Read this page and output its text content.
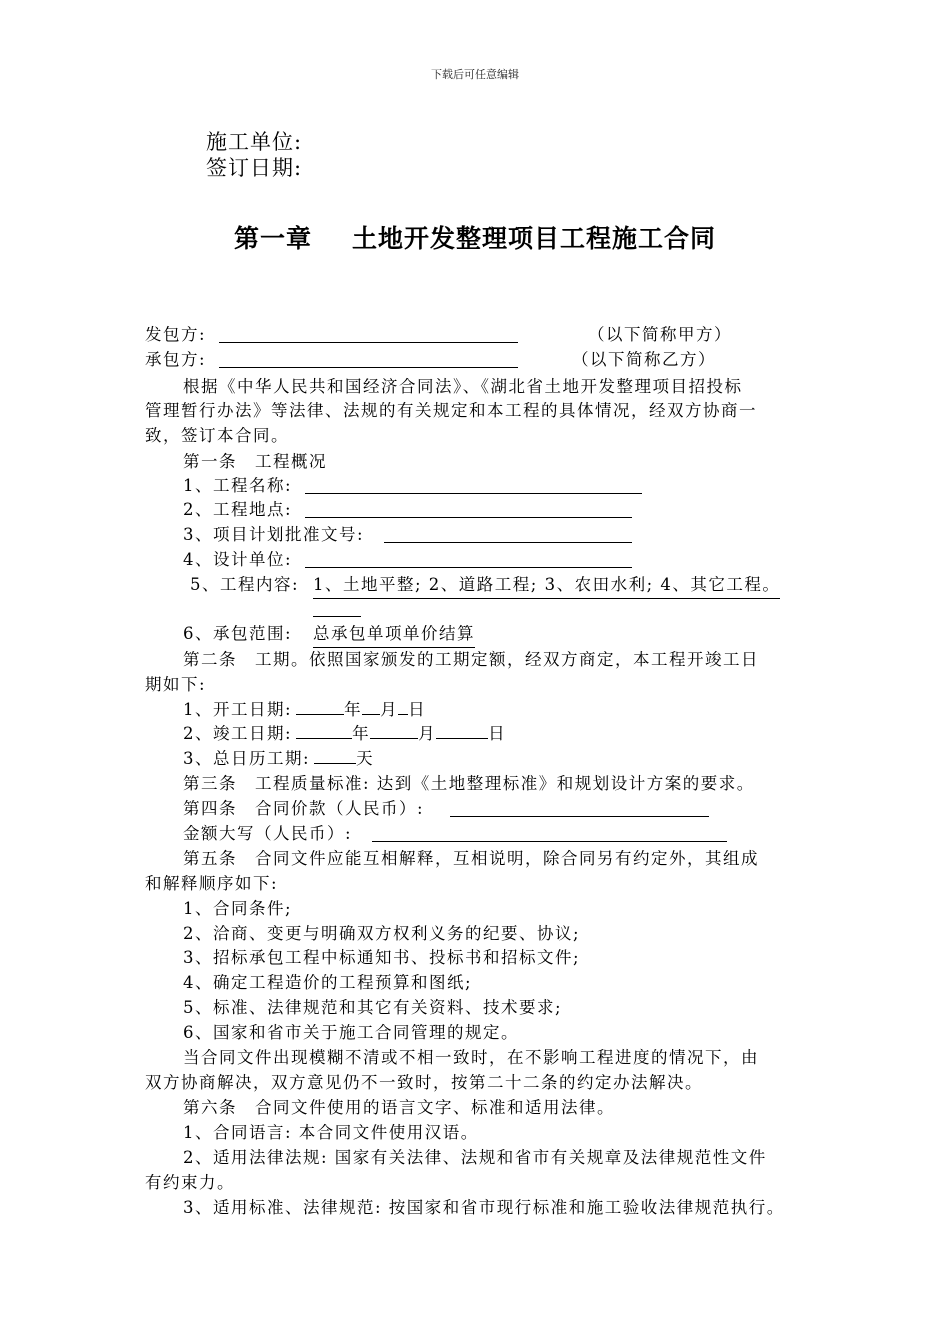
下载后可任意编辑
施工单位:
签订日期:
第一章 土地开发整理项目工程施工合同
发包方:	（以下简称甲方）
承包方:	（以下简称乙方）
根据《中华人民共和国经济合同法》、《湖北省土地开发整理项目招投标
管理暂行办法》等法律、法规的有关规定和本工程的具体情况，经双方协商一
致，签订本合同。
第一条　工程概况
1、工程名称:
2、工程地点:
3、项目计划批准文号:
4、设计单位:
5、工程内容: 1、土地平整; 2、道路工程; 3、农田水利; 4、其它工程。
6、承包范围: 总承包单项单价结算
第二条　工期。依照国家颁发的工期定额，经双方商定，本工程开竣工日
期如下:
1、开工日期:	年 月 日
2、竣工日期:	年	月	日
3、总日历工期:	天
第三条　工程质量标准: 达到《土地整理标准》和规划设计方案的要求。
第四条　合同价款（人民币）:
金额大写（人民币）:
第五条　合同文件应能互相解释，互相说明，除合同另有约定外，其组成
和解释顺序如下:
1、合同条件;
2、洽商、变更与明确双方权利义务的纪要、协议;
3、招标承包工程中标通知书、投标书和招标文件;
4、确定工程造价的工程预算和图纸;
5、标准、法律规范和其它有关资料、技术要求;
6、国家和省市关于施工合同管理的规定。
当合同文件出现模糊不清或不相一致时，在不影响工程进度的情况下，由
双方协商解决，双方意见仍不一致时，按第二十二条的约定办法解决。
第六条　合同文件使用的语言文字、标准和适用法律。
1、合同语言: 本合同文件使用汉语。
2、适用法律法规: 国家有关法律、法规和省市有关规章及法律规范性文件
有约束力。
3、适用标准、法律规范: 按国家和省市现行标准和施工验收法律规范执行。
